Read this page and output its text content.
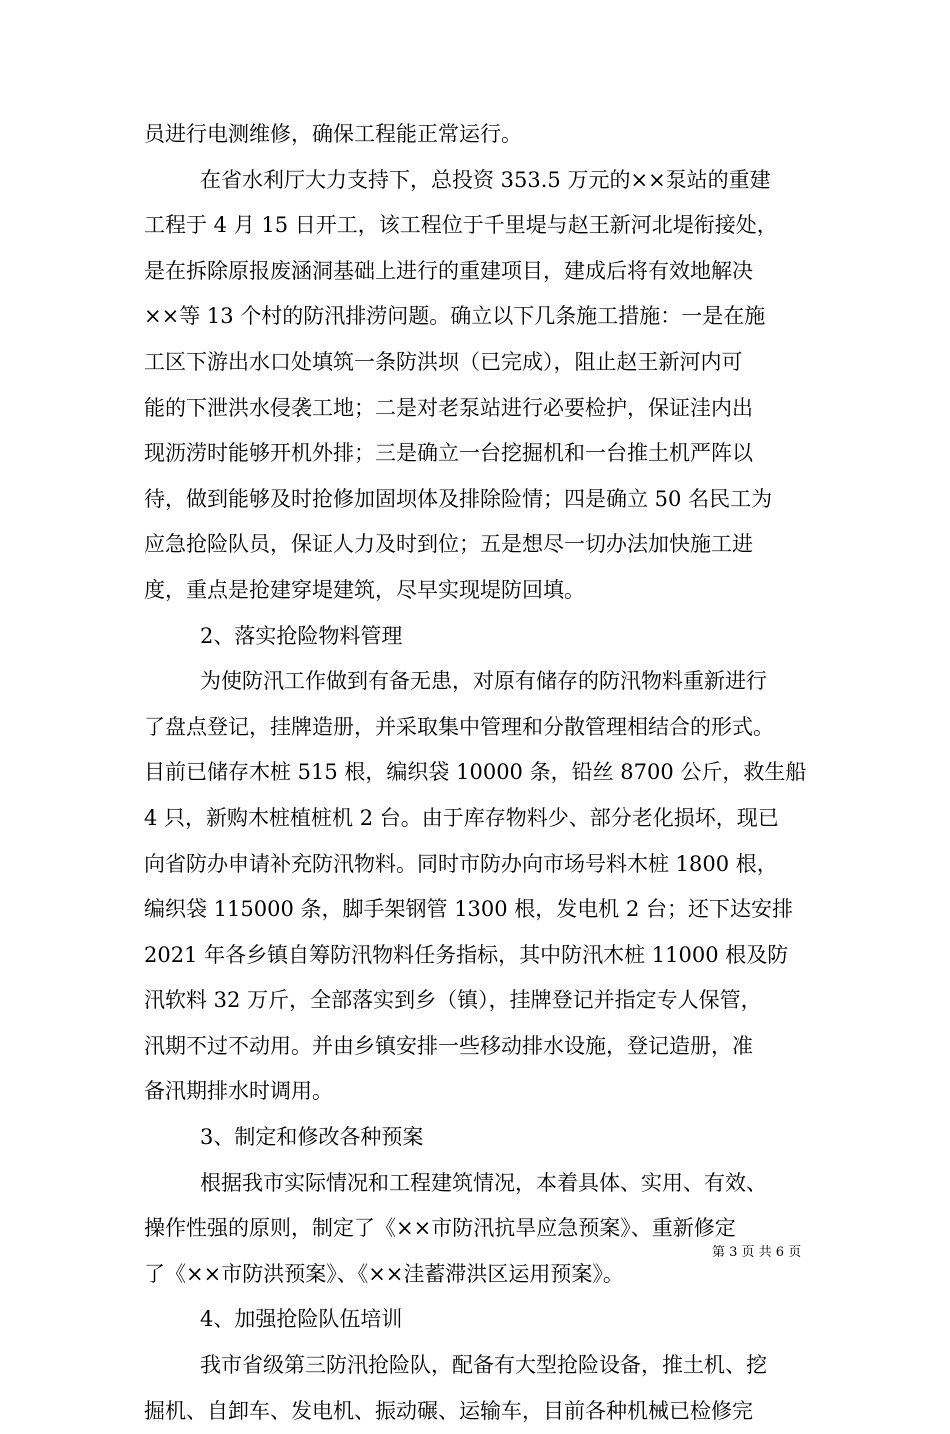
员进行电测维修，确保工程能正常运行。
在省水利厅大力支持下，总投资 353.5 万元的××泵站的重建
工程于 4 月 15 日开工，该工程位于千里堤与赵王新河北堤衔接处，
是在拆除原报废涵洞基础上进行的重建项目，建成后将有效地解决
××等 13 个村的防汛排涝问题。确立以下几条施工措施：一是在施
工区下游出水口处填筑一条防洪坝（已完成），阻止赵王新河内可
能的下泄洪水侵袭工地；二是对老泵站进行必要检护，保证洼内出
现沥涝时能够开机外排；三是确立一台挖掘机和一台推土机严阵以
待，做到能够及时抢修加固坝体及排除险情；四是确立 50 名民工为
应急抢险队员，保证人力及时到位；五是想尽一切办法加快施工进
度，重点是抢建穿堤建筑，尽早实现堤防回填。
2、落实抢险物料管理
为使防汛工作做到有备无患，对原有储存的防汛物料重新进行
了盘点登记，挂牌造册，并采取集中管理和分散管理相结合的形式。
目前已储存木桩 515 根，编织袋 10000 条，铅丝 8700 公斤，救生船
4 只，新购木桩植桩机 2 台。由于库存物料少、部分老化损坏，现已
向省防办申请补充防汛物料。同时市防办向市场号料木桩 1800 根，
编织袋 115000 条，脚手架钢管 1300 根，发电机 2 台；还下达安排
2021 年各乡镇自筹防汛物料任务指标，其中防汛木桩 11000 根及防
汛软料 32 万斤，全部落实到乡（镇），挂牌登记并指定专人保管，
汛期不过不动用。并由乡镇安排一些移动排水设施，登记造册，准
备汛期排水时调用。
3、制定和修改各种预案
根据我市实际情况和工程建筑情况，本着具体、实用、有效、
操作性强的原则，制定了《××市防汛抗旱应急预案》、重新修定
了《××市防洪预案》、《××洼蓄滞洪区运用预案》。
4、加强抢险队伍培训
我市省级第三防汛抢险队，配备有大型抢险设备，推土机、挖
掘机、自卸车、发电机、振动碾、运输车，目前各种机械已检修完
第 3 页 共 6 页
